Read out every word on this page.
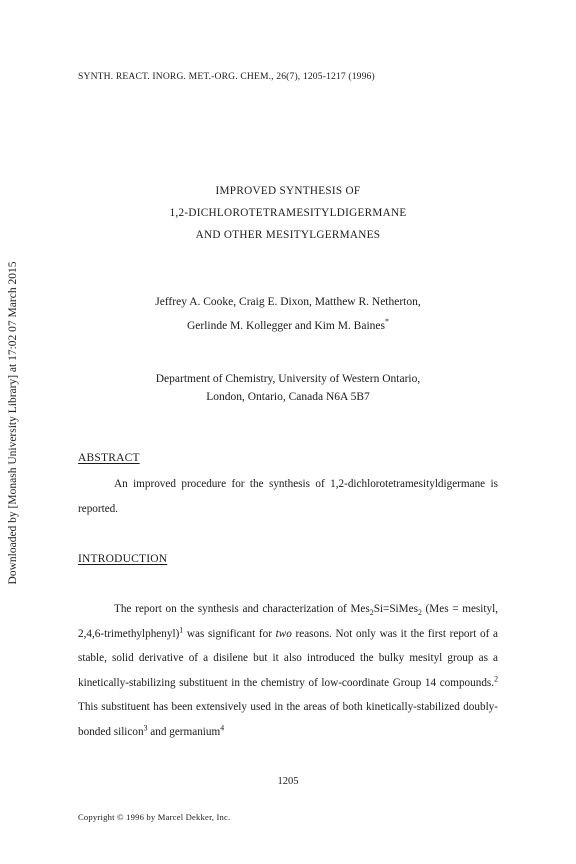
SYNTH. REACT. INORG. MET.-ORG. CHEM., 26(7), 1205-1217 (1996)
Downloaded by [Monash University Library] at 17:02 07 March 2015
IMPROVED SYNTHESIS OF
1,2-DICHLOROTETRAMESITYLDIGERMANE
AND OTHER MESITYLGERMANES
Jeffrey A. Cooke, Craig E. Dixon, Matthew R. Netherton,
Gerlinde M. Kollegger and Kim M. Baines*
Department of Chemistry, University of Western Ontario,
London, Ontario, Canada N6A 5B7
ABSTRACT
An improved procedure for the synthesis of 1,2-dichlorotetramesityldigermane is reported.
INTRODUCTION
The report on the synthesis and characterization of Mes$_2$Si=SiMes$_2$ (Mes = mesityl, 2,4,6-trimethylphenyl)$^1$ was significant for two reasons. Not only was it the first report of a stable, solid derivative of a disilene but it also introduced the bulky mesityl group as a kinetically-stabilizing substituent in the chemistry of low-coordinate Group 14 compounds.$^2$ This substituent has been extensively used in the areas of both kinetically-stabilized doubly-bonded silicon$^3$ and germanium$^4$
1205
Copyright © 1996 by Marcel Dekker, Inc.
